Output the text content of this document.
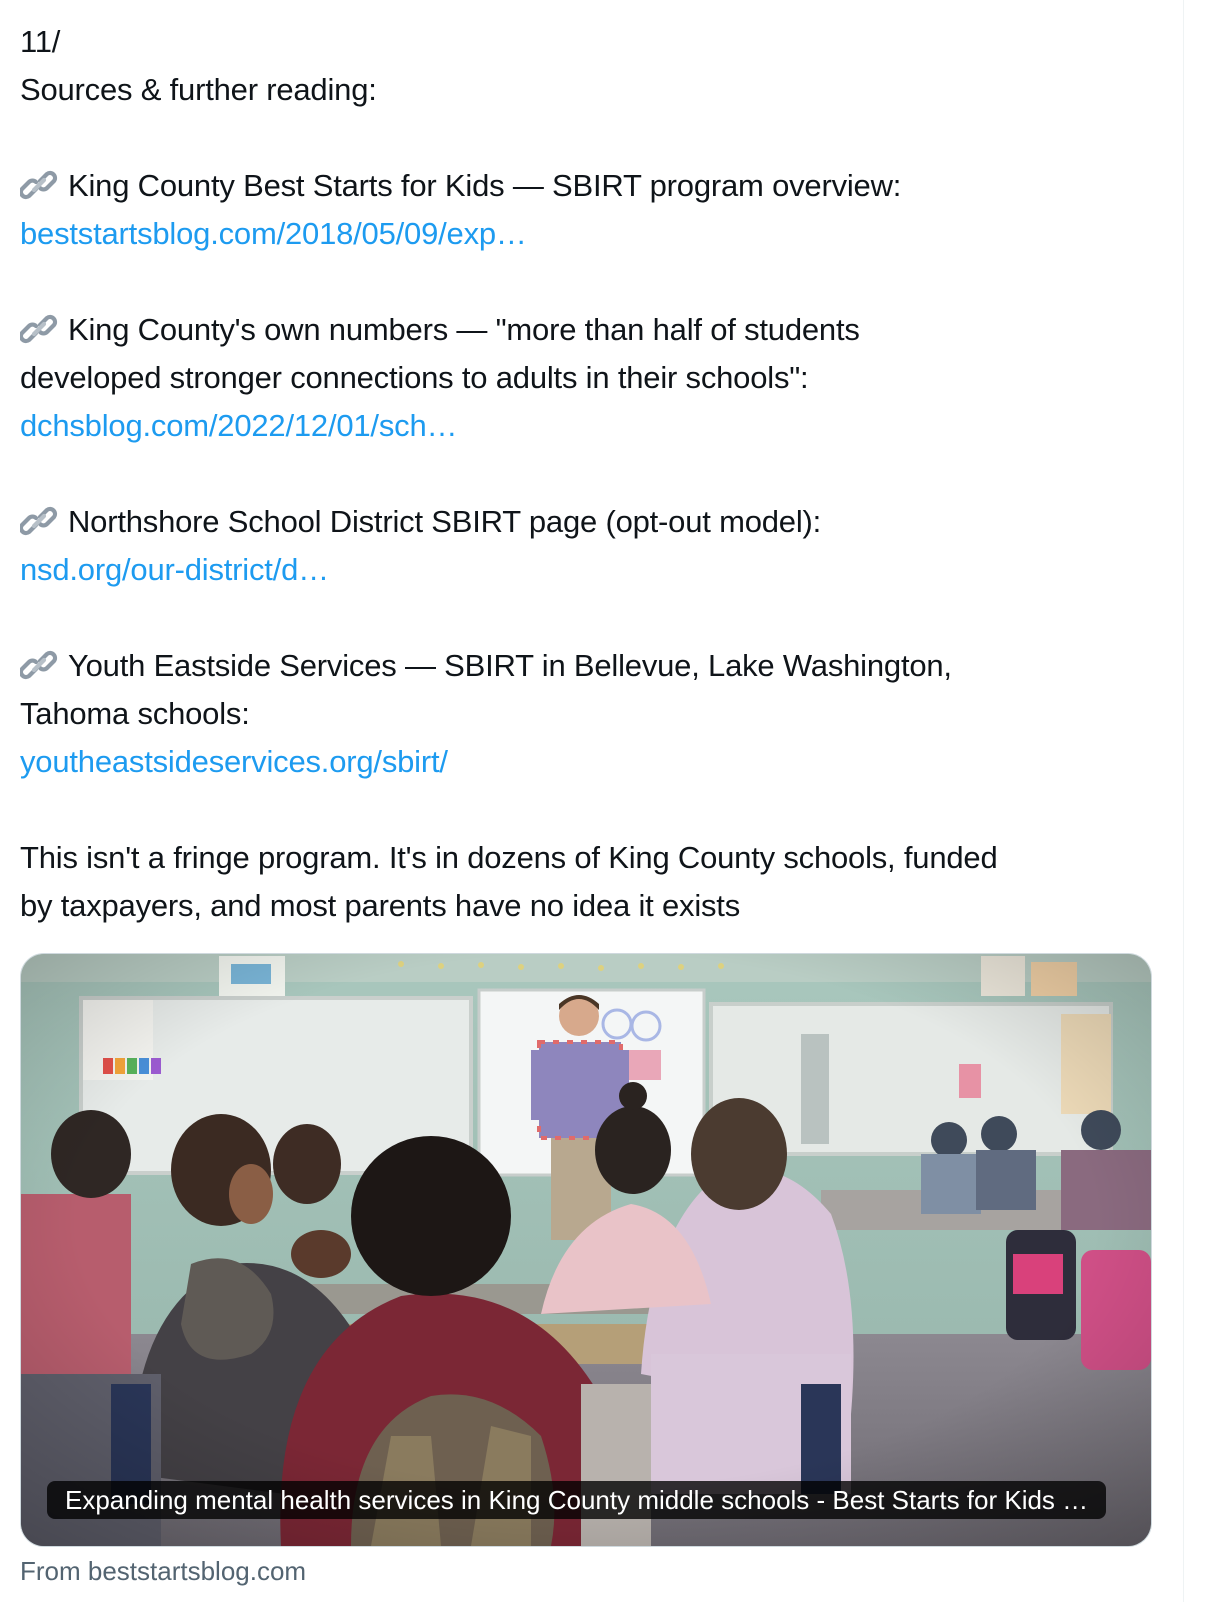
11/
Sources & further reading:
King County Best Starts for Kids — SBIRT program overview:
beststartsblog.com/2018/05/09/exp…
King County's own numbers — "more than half of students
developed stronger connections to adults in their schools":
dchsblog.com/2022/12/01/sch…
Northshore School District SBIRT page (opt-out model):
nsd.org/our-district/d…
Youth Eastside Services — SBIRT in Bellevue, Lake Washington,
Tahoma schools:
youtheastsideservices.org/sbirt/
This isn't a fringe program. It's in dozens of King County schools, funded
by taxpayers, and most parents have no idea it exists
Expanding mental health services in King County middle schools - Best Starts for Kids …
From beststartsblog.com
